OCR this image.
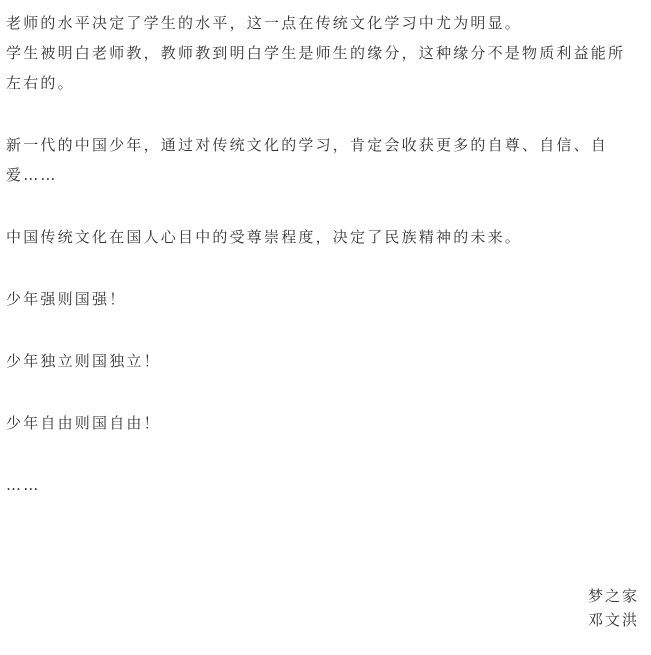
老师的水平决定了学生的水平，这一点在传统文化学习中尤为明显。

学生被明白老师教，教师教到明白学生是师生的缘分，这种缘分不是物质利益能所左右的。

新一代的中国少年，通过对传统文化的学习，肯定会收获更多的自尊、自信、自爱……

中国传统文化在国人心目中的受尊崇程度，决定了民族精神的未来。

少年强则国强！

少年独立则国独立！

少年自由则国自由！

……

梦之家
邓文洪
